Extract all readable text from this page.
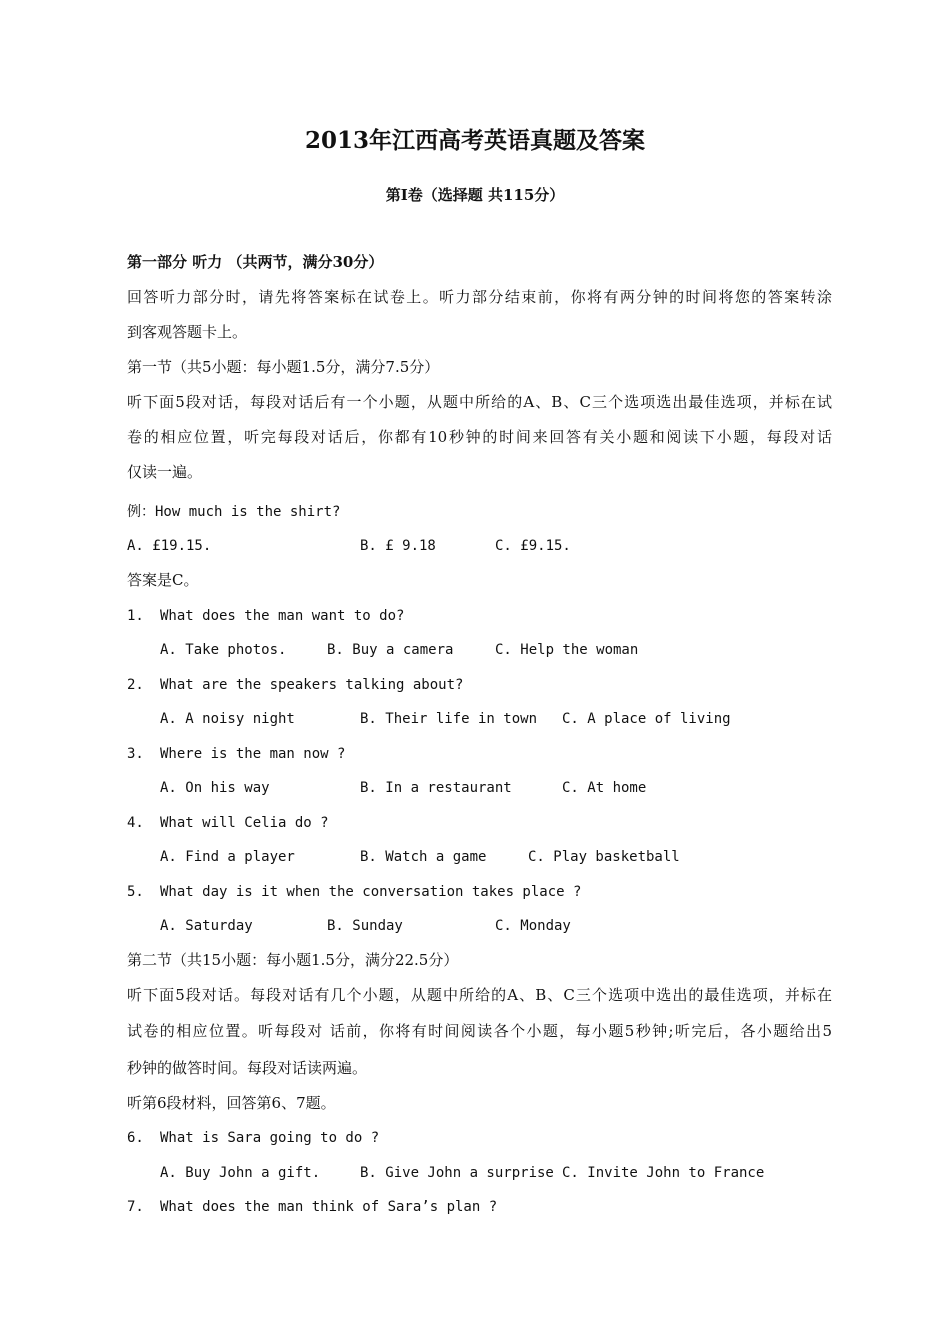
2013年江西高考英语真题及答案
第Ⅰ卷（选择题 共115分）
第一部分 听力 （共两节，满分30分）
回答听力部分时，请先将答案标在试卷上。听力部分结束前，你将有两分钟的时间将您的答案转涂
到客观答题卡上。
第一节（共5小题：每小题1.5分，满分7.5分）
听下面5段对话，每段对话后有一个小题，从题中所给的A、B、C三个选项选出最佳选项，并标在试
卷的相应位置，听完每段对话后，你都有10秒钟的时间来回答有关小题和阅读下小题，每段对话
仅读一遍。
例：How much is the shirt?
A. £19.15.	B. £ 9.18	C. £9.15.
答案是C。
1. What does the man want to do?
A. Take photos.	B. Buy a camera	C. Help the woman
2. What are the speakers talking about?
A. A noisy night	B. Their life in town C. A place of living
3. Where is the man now ?
A. On his way	B. In a restaurant	C. At home
4. What will Celia do ?
A. Find a player	B. Watch a game	C. Play basketball
5. What day is it when the conversation takes place ?
A. Saturday	B. Sunday	C. Monday
第二节（共15小题：每小题1.5分，满分22.5分）
听下面5段对话。每段对话有几个小题，从题中所给的A、B、C三个选项中选出的最佳选项，并标在
试卷的相应位置。听每段对 话前，你将有时间阅读各个小题，每小题5秒钟;听完后，各小题给出5
秒钟的做答时间。每段对话读两遍。
听第6段材料，回答第6、7题。
6. What is Sara going to do ?
A. Buy John a gift.	B. Give John a surprise C. Invite John to France
7. What does the man think of Sara’s plan ?
